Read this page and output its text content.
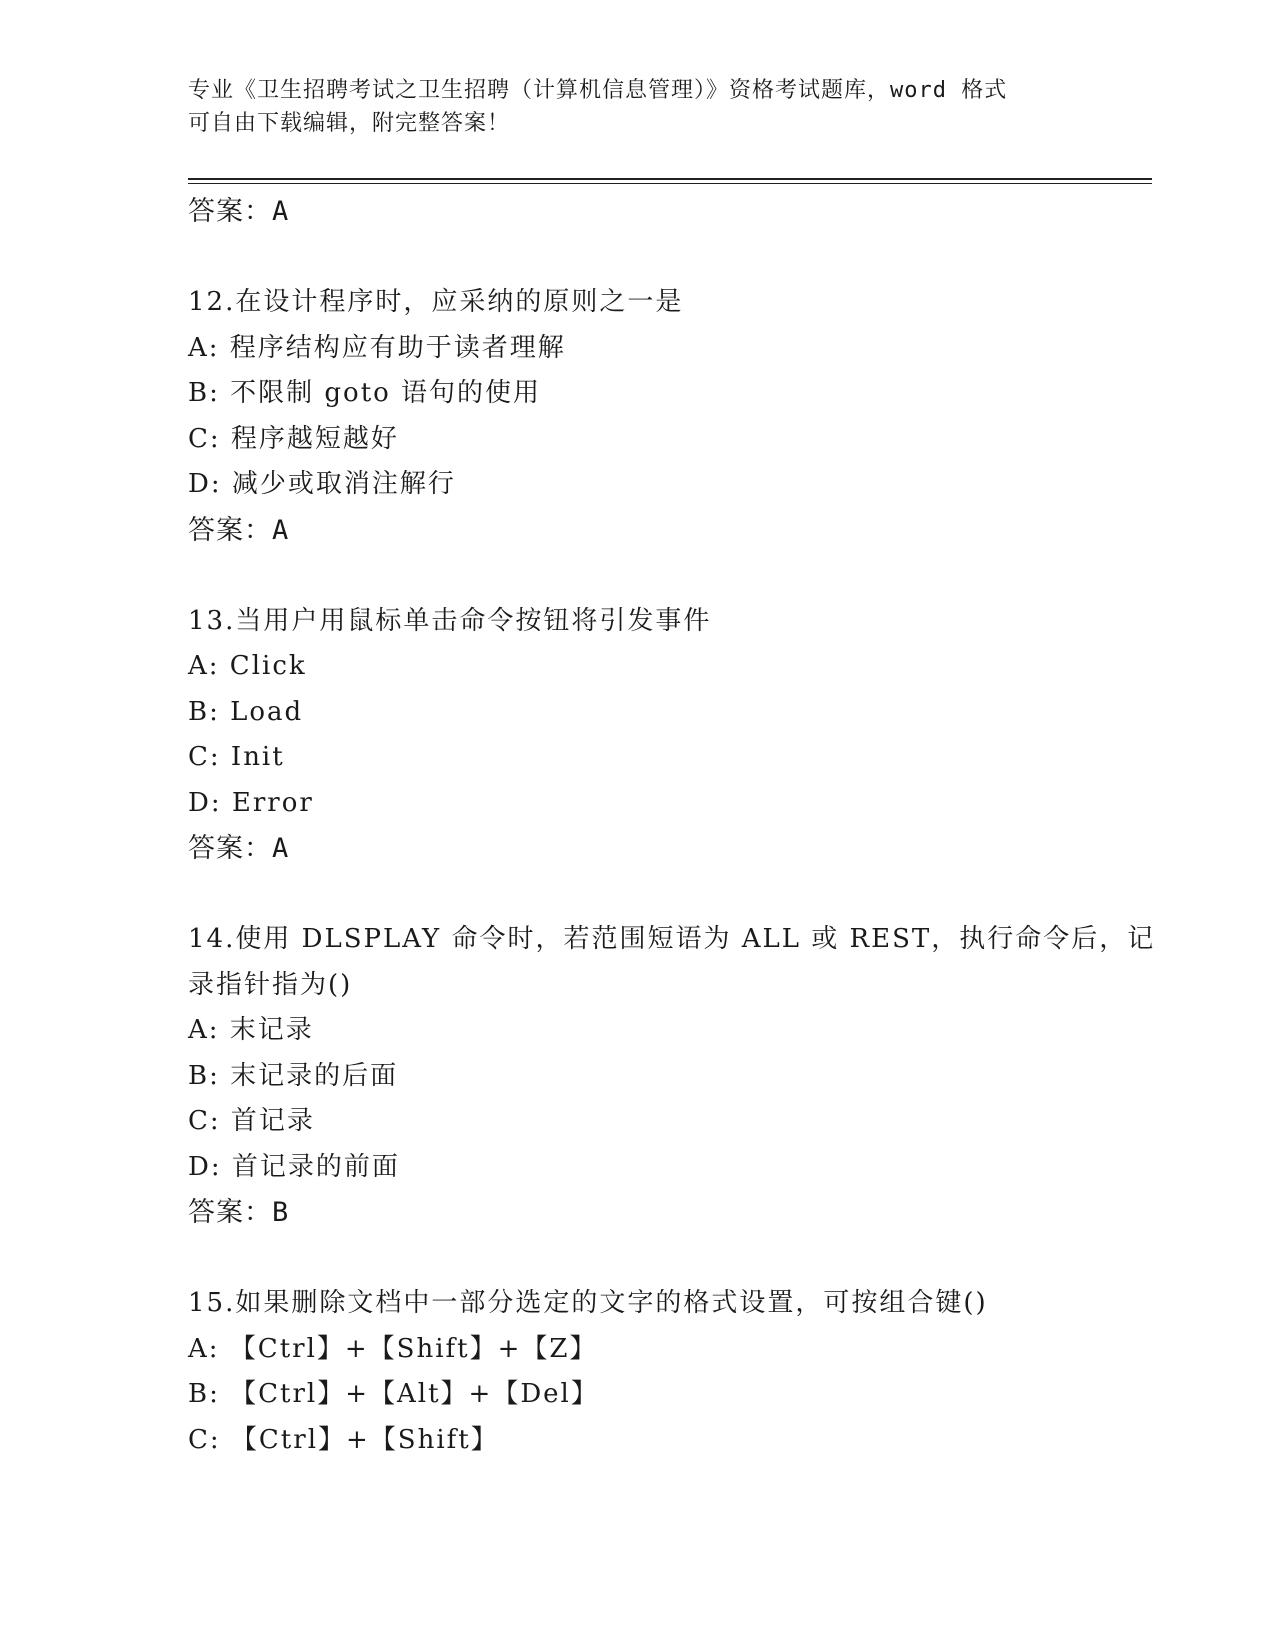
专业《卫生招聘考试之卫生招聘（计算机信息管理）》资格考试题库，word 格式

可自由下载编辑，附完整答案！

答案：A
12.在设计程序时，应采纳的原则之一是
A: 程序结构应有助于读者理解
B: 不限制 goto 语句的使用
C: 程序越短越好
D: 减少或取消注解行
答案：A
13.当用户用鼠标单击命令按钮将引发事件
A: Click
B: Load
C: Init
D: Error
答案：A
14.使用 DLSPLAY 命令时，若范围短语为 ALL 或 REST，执行命令后，记
录指针指为()
A: 末记录
B: 末记录的后面
C: 首记录
D: 首记录的前面
答案：B
15.如果删除文档中一部分选定的文字的格式设置，可按组合键()
A: 【Ctrl】+【Shift】+【Z】
B: 【Ctrl】+【Alt】+【Del】
C: 【Ctrl】+【Shift】
